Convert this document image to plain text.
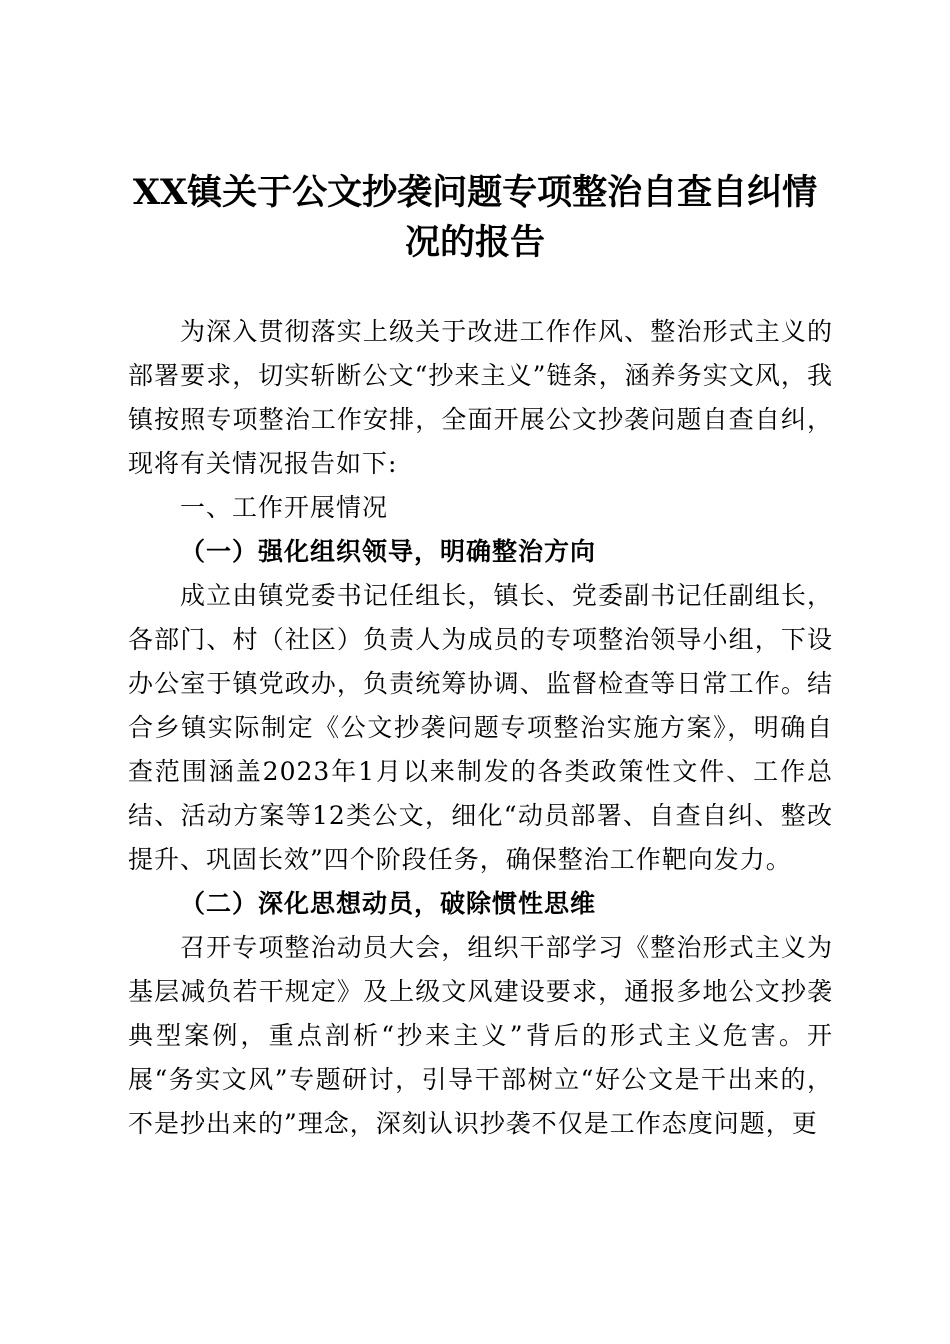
XX镇关于公文抄袭问题专项整治自查自纠情
况的报告

为深入贯彻落实上级关于改进工作作风、整治形式主义的部署要求，切实斩断公文“抄来主义”链条，涵养务实文风，我镇按照专项整治工作安排，全面开展公文抄袭问题自查自纠，现将有关情况报告如下:

一、工作开展情况

（一）强化组织领导，明确整治方向

成立由镇党委书记任组长，镇长、党委副书记任副组长，各部门、村（社区）负责人为成员的专项整治领导小组，下设办公室于镇党政办，负责统筹协调、监督检查等日常工作。结合乡镇实际制定《公文抄袭问题专项整治实施方案》，明确自查范围涵盖2023年1月以来制发的各类政策性文件、工作总结、活动方案等12类公文，细化“动员部署、自查自纠、整改提升、巩固长效”四个阶段任务，确保整治工作靶向发力。

（二）深化思想动员，破除惯性思维

召开专项整治动员大会，组织干部学习《整治形式主义为基层减负若干规定》及上级文风建设要求，通报多地公文抄袭典型案例，重点剖析“抄来主义”背后的形式主义危害。开展“务实文风”专题研讨，引导干部树立“好公文是干出来的，不是抄出来的”理念，深刻认识抄袭不仅是工作态度问题，更
